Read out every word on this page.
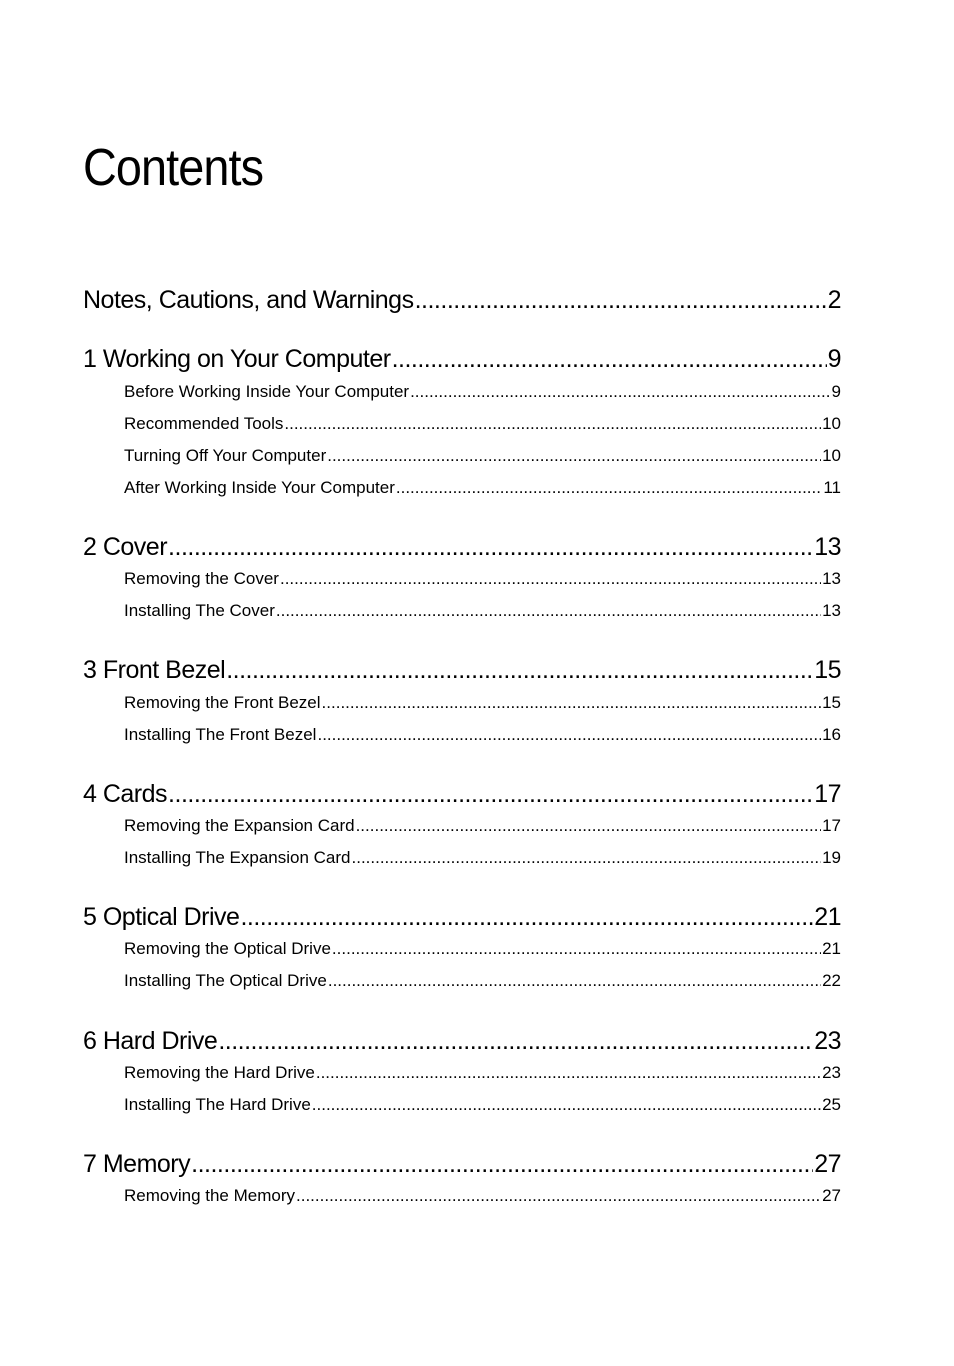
Contents
Notes, Cautions, and Warnings .....	2
1 Working on Your Computer .....	9
Before Working Inside Your Computer .....	9
Recommended Tools .....	10
Turning Off Your Computer .....	10
After Working Inside Your Computer .....	11
2 Cover .....	13
Removing the Cover .....	13
Installing The Cover .....	13
3 Front Bezel .....	15
Removing the Front Bezel .....	15
Installing The Front Bezel .....	16
4 Cards .....	17
Removing the Expansion Card .....	17
Installing The Expansion Card .....	19
5 Optical Drive .....	21
Removing the Optical Drive .....	21
Installing The Optical Drive .....	22
6 Hard Drive .....	23
Removing the Hard Drive .....	23
Installing The Hard Drive .....	25
7 Memory .....	27
Removing the Memory .....	27
